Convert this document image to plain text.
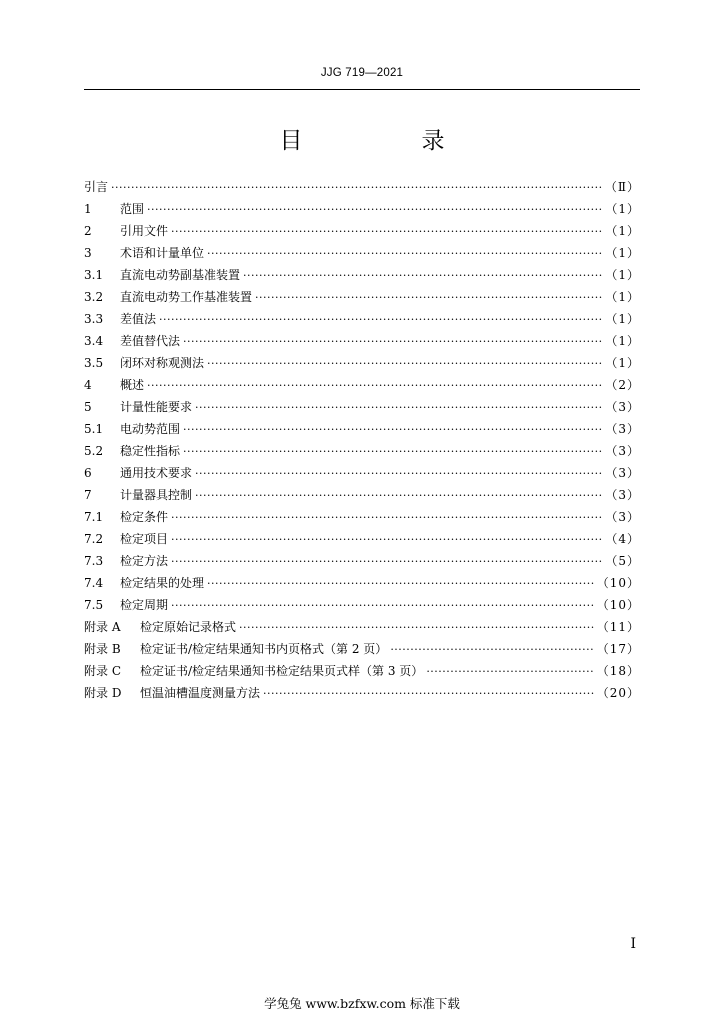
JJG 719—2021
目　录
引言 ·····	（Ⅱ）
1	范围 ·····	（1）
2	引用文件 ·····	（1）
3	术语和计量单位 ·····	（1）
3.1	直流电动势副基准装置 ·····	（1）
3.2	直流电动势工作基准装置 ·····	（1）
3.3	差值法 ·····	（1）
3.4	差值替代法 ·····	（1）
3.5	闭环对称观测法 ·····	（1）
4	概述 ·····	（2）
5	计量性能要求 ·····	（3）
5.1	电动势范围 ·····	（3）
5.2	稳定性指标 ·····	（3）
6	通用技术要求 ·····	（3）
7	计量器具控制 ·····	（3）
7.1	检定条件 ·····	（3）
7.2	检定项目 ·····	（4）
7.3	检定方法 ·····	（5）
7.4	检定结果的处理 ·····	（10）
7.5	检定周期 ·····	（10）
附录 A	检定原始记录格式 ·····	（11）
附录 B	检定证书/检定结果通知书内页格式（第 2 页） ·····	（17）
附录 C	检定证书/检定结果通知书检定结果页式样（第 3 页） ·····	（18）
附录 D	恒温油槽温度测量方法 ·····	（20）
I
学兔兔 www.bzfxw.com 标准下载
